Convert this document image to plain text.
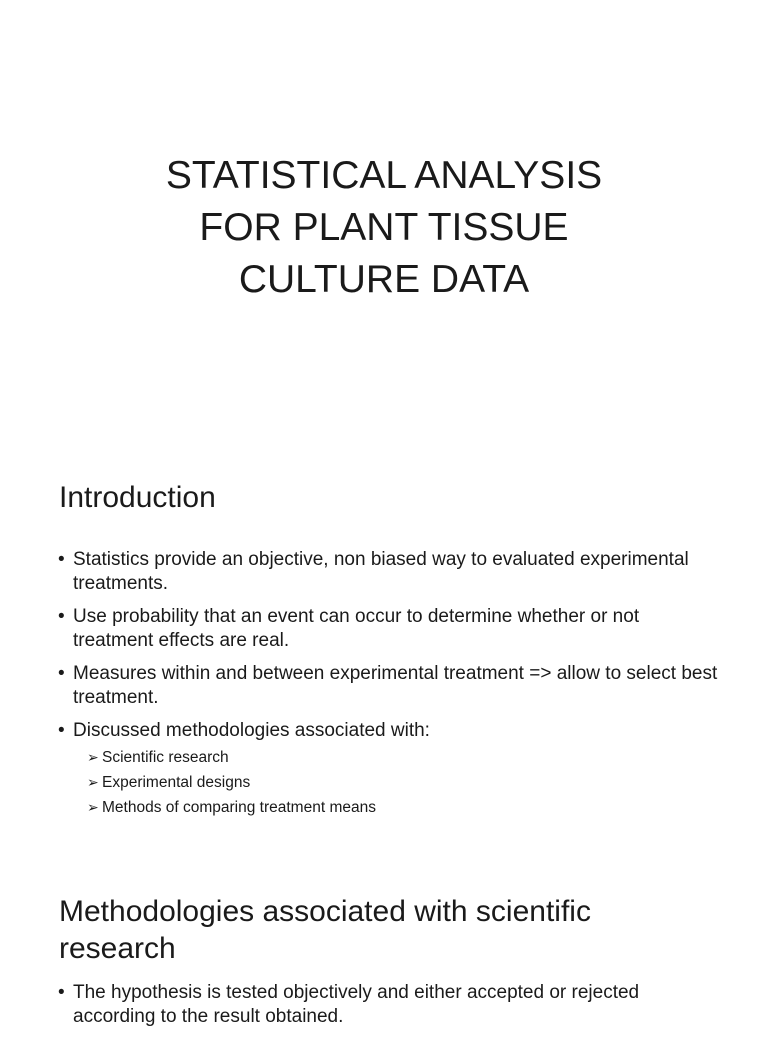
STATISTICAL ANALYSIS
FOR PLANT TISSUE
CULTURE DATA
Introduction
• Statistics provide an objective, non biased way to evaluated experimental treatments.
• Use probability that an event can occur to determine whether or not treatment effects are real.
• Measures within and between experimental treatment => allow to select best treatment.
• Discussed methodologies associated with:
➢ Scientific research
➢ Experimental designs
➢ Methods of comparing treatment means
Methodologies associated with scientific research
• The hypothesis is tested objectively and either accepted or rejected according to the result obtained.
